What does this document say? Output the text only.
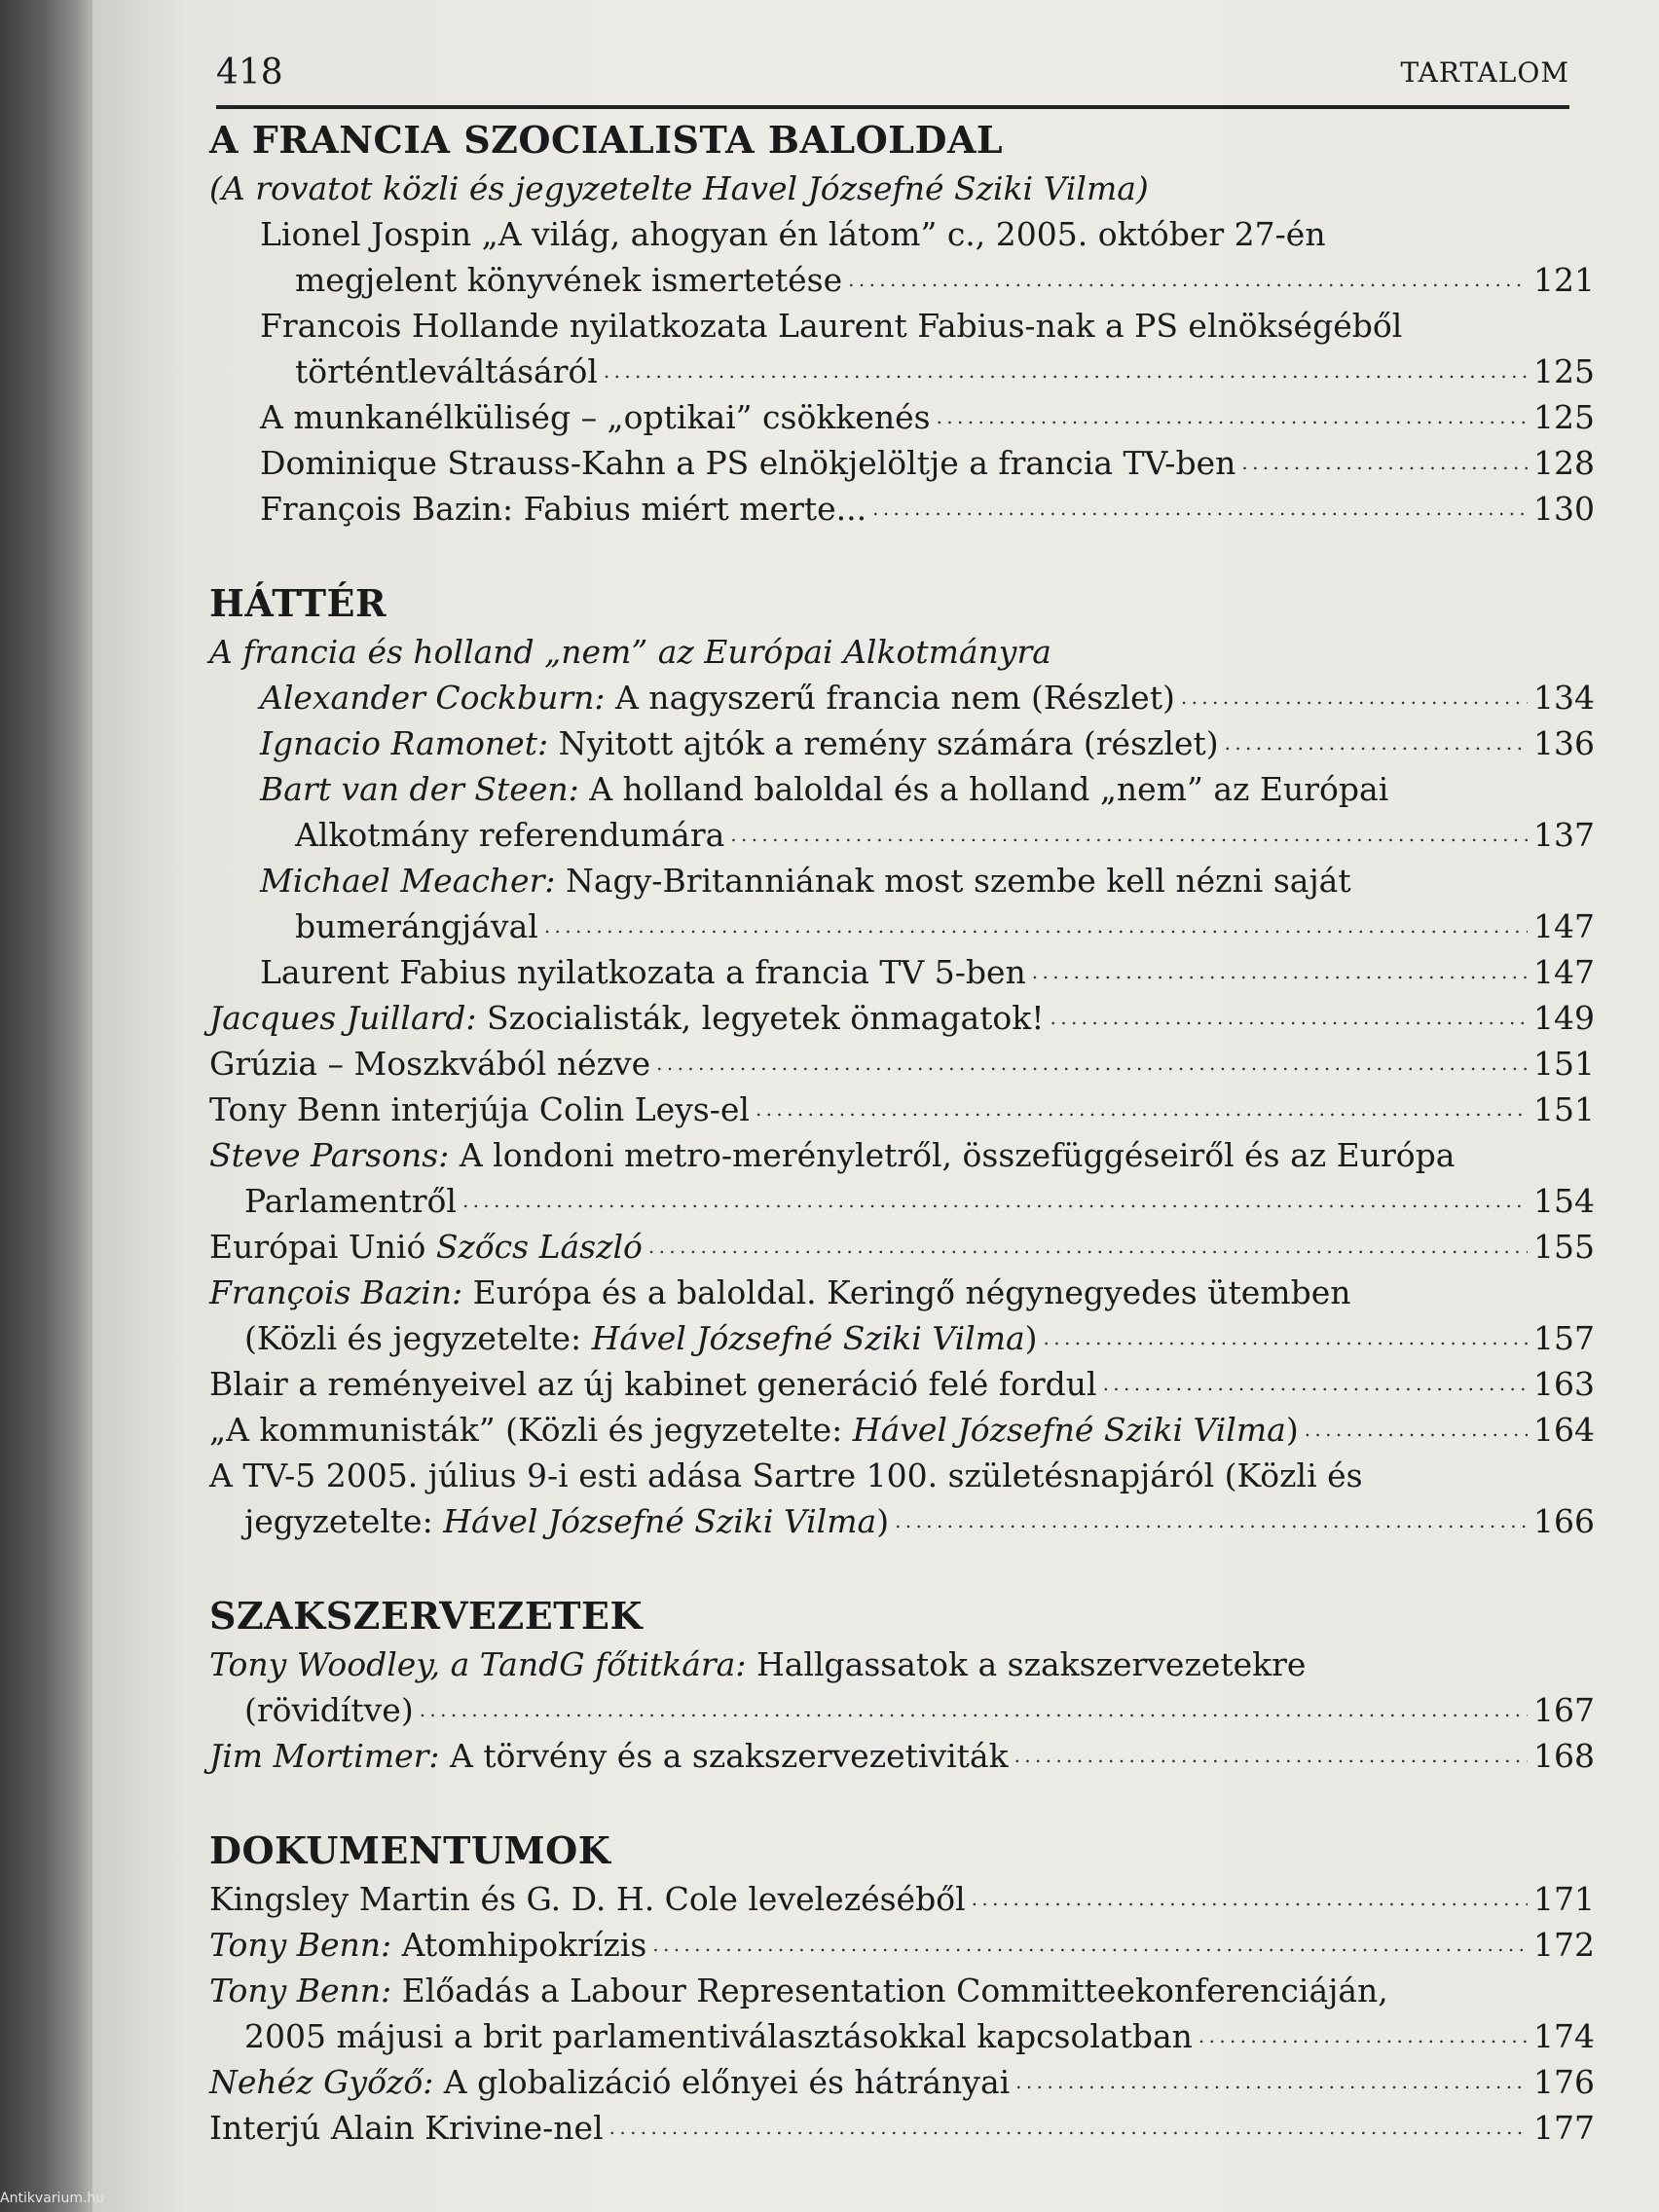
418	TARTALOM
A FRANCIA SZOCIALISTA BALOLDAL
(A rovatot közli és jegyzetelte Havel Józsefné Sziki Vilma)
Lionel Jospin „A világ, ahogyan én látom” c., 2005. október 27-én
megjelent könyvének ismertetése . . .	121
Francois Hollande nyilatkozata Laurent Fabius-nak a PS elnökségéből
történtleváltásáról . . .	125
A munkanélküliség – „optikai” csökkenés . . .	125
Dominique Strauss-Kahn a PS elnökjelöltje a francia TV-ben . . .	128
François Bazin: Fabius miért merte... . . .	130
HÁTTÉR
A francia és holland „nem” az Európai Alkotmányra
Alexander Cockburn: A nagyszerű francia nem (Részlet) . . .	134
Ignacio Ramonet: Nyitott ajtók a remény számára (részlet) . . .	136
Bart van der Steen: A holland baloldal és a holland „nem” az Európai
Alkotmány referendumára . . .	137
Michael Meacher: Nagy-Britanniának most szembe kell nézni saját
bumerángjával . . .	147
Laurent Fabius nyilatkozata a francia TV 5-ben . . .	147
Jacques Juillard: Szocialisták, legyetek önmagatok! . . .	149
Grúzia – Moszkvából nézve . . .	151
Tony Benn interjúja Colin Leys-el . . .	151
Steve Parsons: A londoni metro-merényletről, összefüggéseiről és az Európa
Parlamentről . . .	154
Európai Unió Szőcs László . . .	155
François Bazin: Európa és a baloldal. Keringő négynegyedes ütemben
(Közli és jegyzetelte: Hável Józsefné Sziki Vilma ) . . .	157
Blair a reményeivel az új kabinet generáció felé fordul . . .	163
„A kommunisták” (Közli és jegyzetelte: Hável Józsefné Sziki Vilma ) . . .	164
A TV-5 2005. július 9-i esti adása Sartre 100. születésnapjáról (Közli és
jegyzetelte: Hável Józsefné Sziki Vilma ) . . .	166
SZAKSZERVEZETEK
Tony Woodley, a TandG főtitkára: Hallgassatok a szakszervezetekre
(rövidítve) . . .	167
Jim Mortimer: A törvény és a szakszervezetiviták . . .	168
DOKUMENTUMOK
Kingsley Martin és G. D. H. Cole levelezéséből . . .	171
Tony Benn: Atomhipokrízis . . .	172
Tony Benn: Előadás a Labour Representation Committeekonferenciáján,
2005 májusi a brit parlamentiválasztásokkal kapcsolatban . . .	174
Nehéz Győző: A globalizáció előnyei és hátrányai . . .	176
Interjú Alain Krivine-nel . . .	177
Antikvarium.hu
